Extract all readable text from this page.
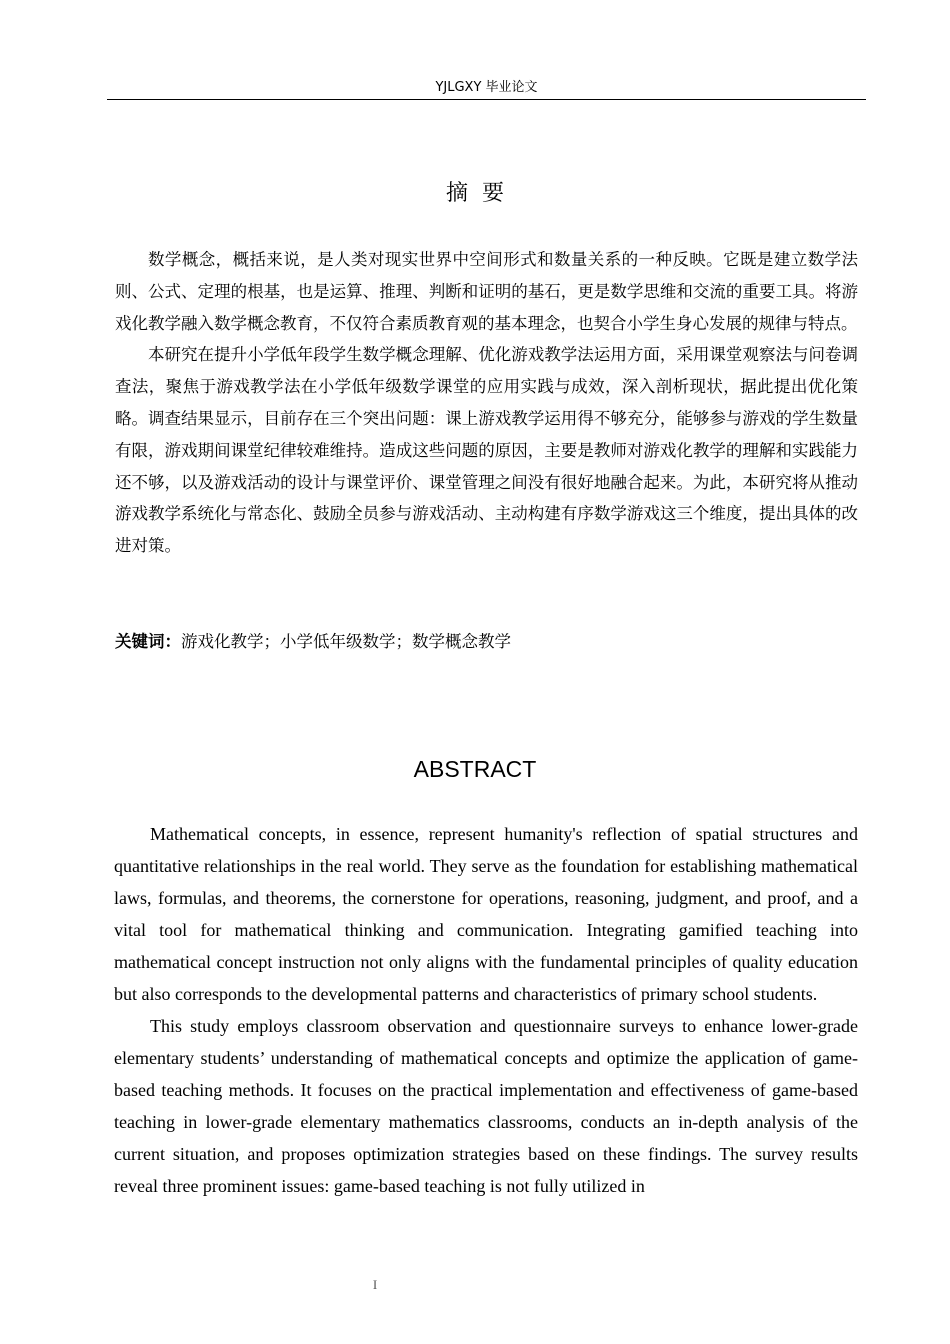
YJLGXY 毕业论文
摘要

数学概念，概括来说，是人类对现实世界中空间形式和数量关系的一种反映。它既是建立数学法则、公式、定理的根基，也是运算、推理、判断和证明的基石，更是数学思维和交流的重要工具。将游戏化教学融入数学概念教育，不仅符合素质教育观的基本理念，也契合小学生身心发展的规律与特点。

本研究在提升小学低年段学生数学概念理解、优化游戏教学法运用方面，采用课堂观察法与问卷调查法，聚焦于游戏教学法在小学低年级数学课堂的应用实践与成效，深入剖析现状，据此提出优化策略。调查结果显示，目前存在三个突出问题：课上游戏教学运用得不够充分，能够参与游戏的学生数量有限，游戏期间课堂纪律较难维持。造成这些问题的原因，主要是教师对游戏化教学的理解和实践能力还不够，以及游戏活动的设计与课堂评价、课堂管理之间没有很好地融合起来。为此，本研究将从推动游戏教学系统化与常态化、鼓励全员参与游戏活动、主动构建有序数学游戏这三个维度，提出具体的改进对策。

关键词：游戏化教学；小学低年级数学；数学概念教学
ABSTRACT

Mathematical concepts, in essence, represent humanity's reflection of spatial structures and quantitative relationships in the real world. They serve as the foundation for establishing mathematical laws, formulas, and theorems, the cornerstone for operations, reasoning, judgment, and proof, and a vital tool for mathematical thinking and communication. Integrating gamified teaching into mathematical concept instruction not only aligns with the fundamental principles of quality education but also corresponds to the developmental patterns and characteristics of primary school students.

This study employs classroom observation and questionnaire surveys to enhance lower-grade elementary students’ understanding of mathematical concepts and optimize the application of game-based teaching methods. It focuses on the practical implementation and effectiveness of game-based teaching in lower-grade elementary mathematics classrooms, conducts an in-depth analysis of the current situation, and proposes optimization strategies based on these findings. The survey results reveal three prominent issues: game-based teaching is not fully utilized in

I
